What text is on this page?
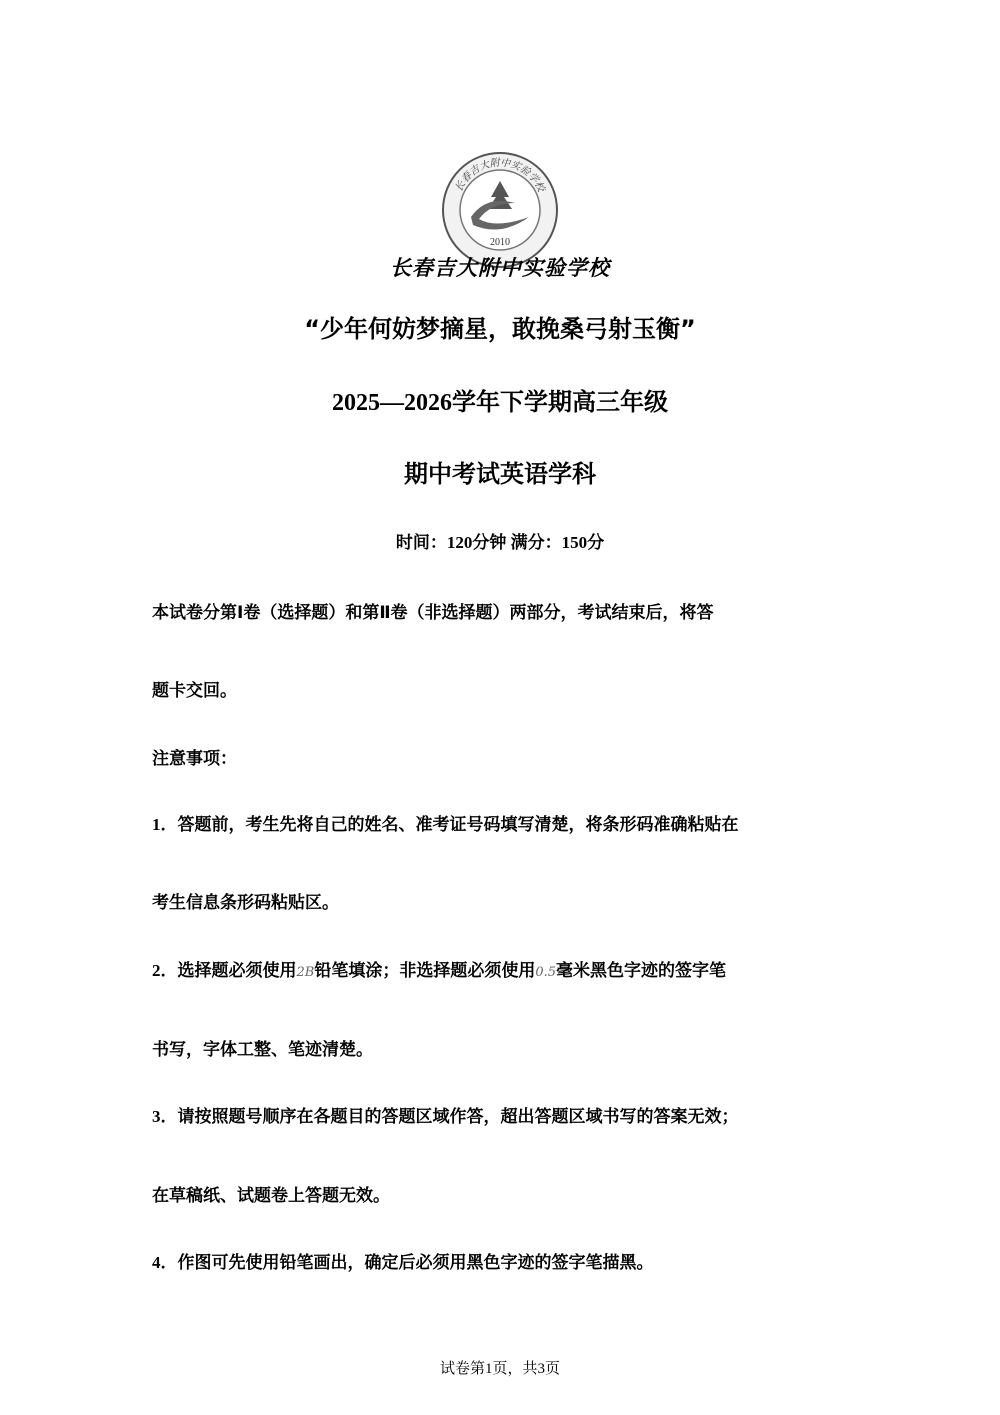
长春吉大附中实验学校
2010
长春吉大附中实验学校
“少年何妨梦摘星，敢挽桑弓射玉衡”
2025—2026学年下学期高三年级
期中考试英语学科
时间：120分钟 满分：150分
本试卷分第Ⅰ卷（选择题）和第Ⅱ卷（非选择题）两部分，考试结束后，将答
题卡交回。
注意事项：
1．答题前，考生先将自己的姓名、准考证号码填写清楚，将条形码准确粘贴在
考生信息条形码粘贴区。
2．选择题必须使用2B铅笔填涂；非选择题必须使用0.5毫米黑色字迹的签字笔
书写，字体工整、笔迹清楚。
3．请按照题号顺序在各题目的答题区域作答，超出答题区域书写的答案无效；
在草稿纸、试题卷上答题无效。
4．作图可先使用铅笔画出，确定后必须用黑色字迹的签字笔描黑。
试卷第1页，共3页
